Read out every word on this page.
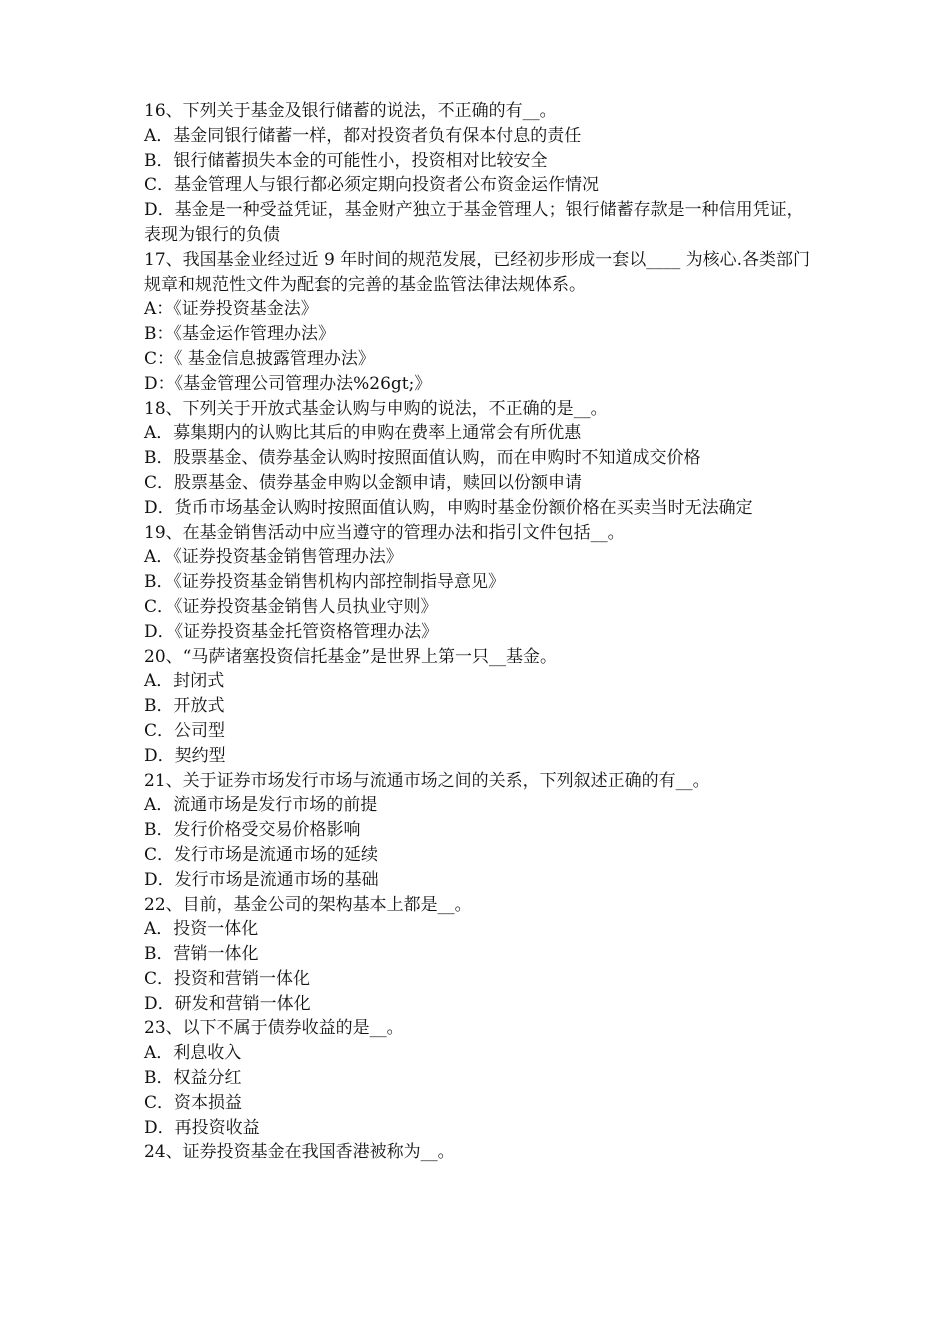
16、下列关于基金及银行储蓄的说法，不正确的有__。

A．基金同银行储蓄一样，都对投资者负有保本付息的责任

B．银行储蓄损失本金的可能性小，投资相对比较安全

C．基金管理人与银行都必须定期向投资者公布资金运作情况

D．基金是一种受益凭证，基金财产独立于基金管理人；银行储蓄存款是一种信用凭证，表现为银行的负债

17、我国基金业经过近 9 年时间的规范发展，已经初步形成一套以____ 为核心.各类部门规章和规范性文件为配套的完善的基金监管法律法规体系。

A：《证券投资基金法》

B：《基金运作管理办法》

C：《 基金信息披露管理办法》

D：《基金管理公司管理办法%26gt;》

18、下列关于开放式基金认购与申购的说法，不正确的是__。

A．募集期内的认购比其后的申购在费率上通常会有所优惠

B．股票基金、债券基金认购时按照面值认购，而在申购时不知道成交价格

C．股票基金、债券基金申购以金额申请，赎回以份额申请

D．货币市场基金认购时按照面值认购，申购时基金份额价格在买卖当时无法确定

19、在基金销售活动中应当遵守的管理办法和指引文件包括__。

A．《证券投资基金销售管理办法》

B．《证券投资基金销售机构内部控制指导意见》

C．《证券投资基金销售人员执业守则》

D．《证券投资基金托管资格管理办法》

20、“马萨诸塞投资信托基金”是世界上第一只__基金。

A．封闭式

B．开放式

C．公司型

D．契约型

21、关于证券市场发行市场与流通市场之间的关系，下列叙述正确的有__。

A．流通市场是发行市场的前提

B．发行价格受交易价格影响

C．发行市场是流通市场的延续

D．发行市场是流通市场的基础

22、目前，基金公司的架构基本上都是__。

A．投资一体化

B．营销一体化

C．投资和营销一体化

D．研发和营销一体化

23、以下不属于债券收益的是__。

A．利息收入

B．权益分红

C．资本损益

D．再投资收益

24、证券投资基金在我国香港被称为__。
